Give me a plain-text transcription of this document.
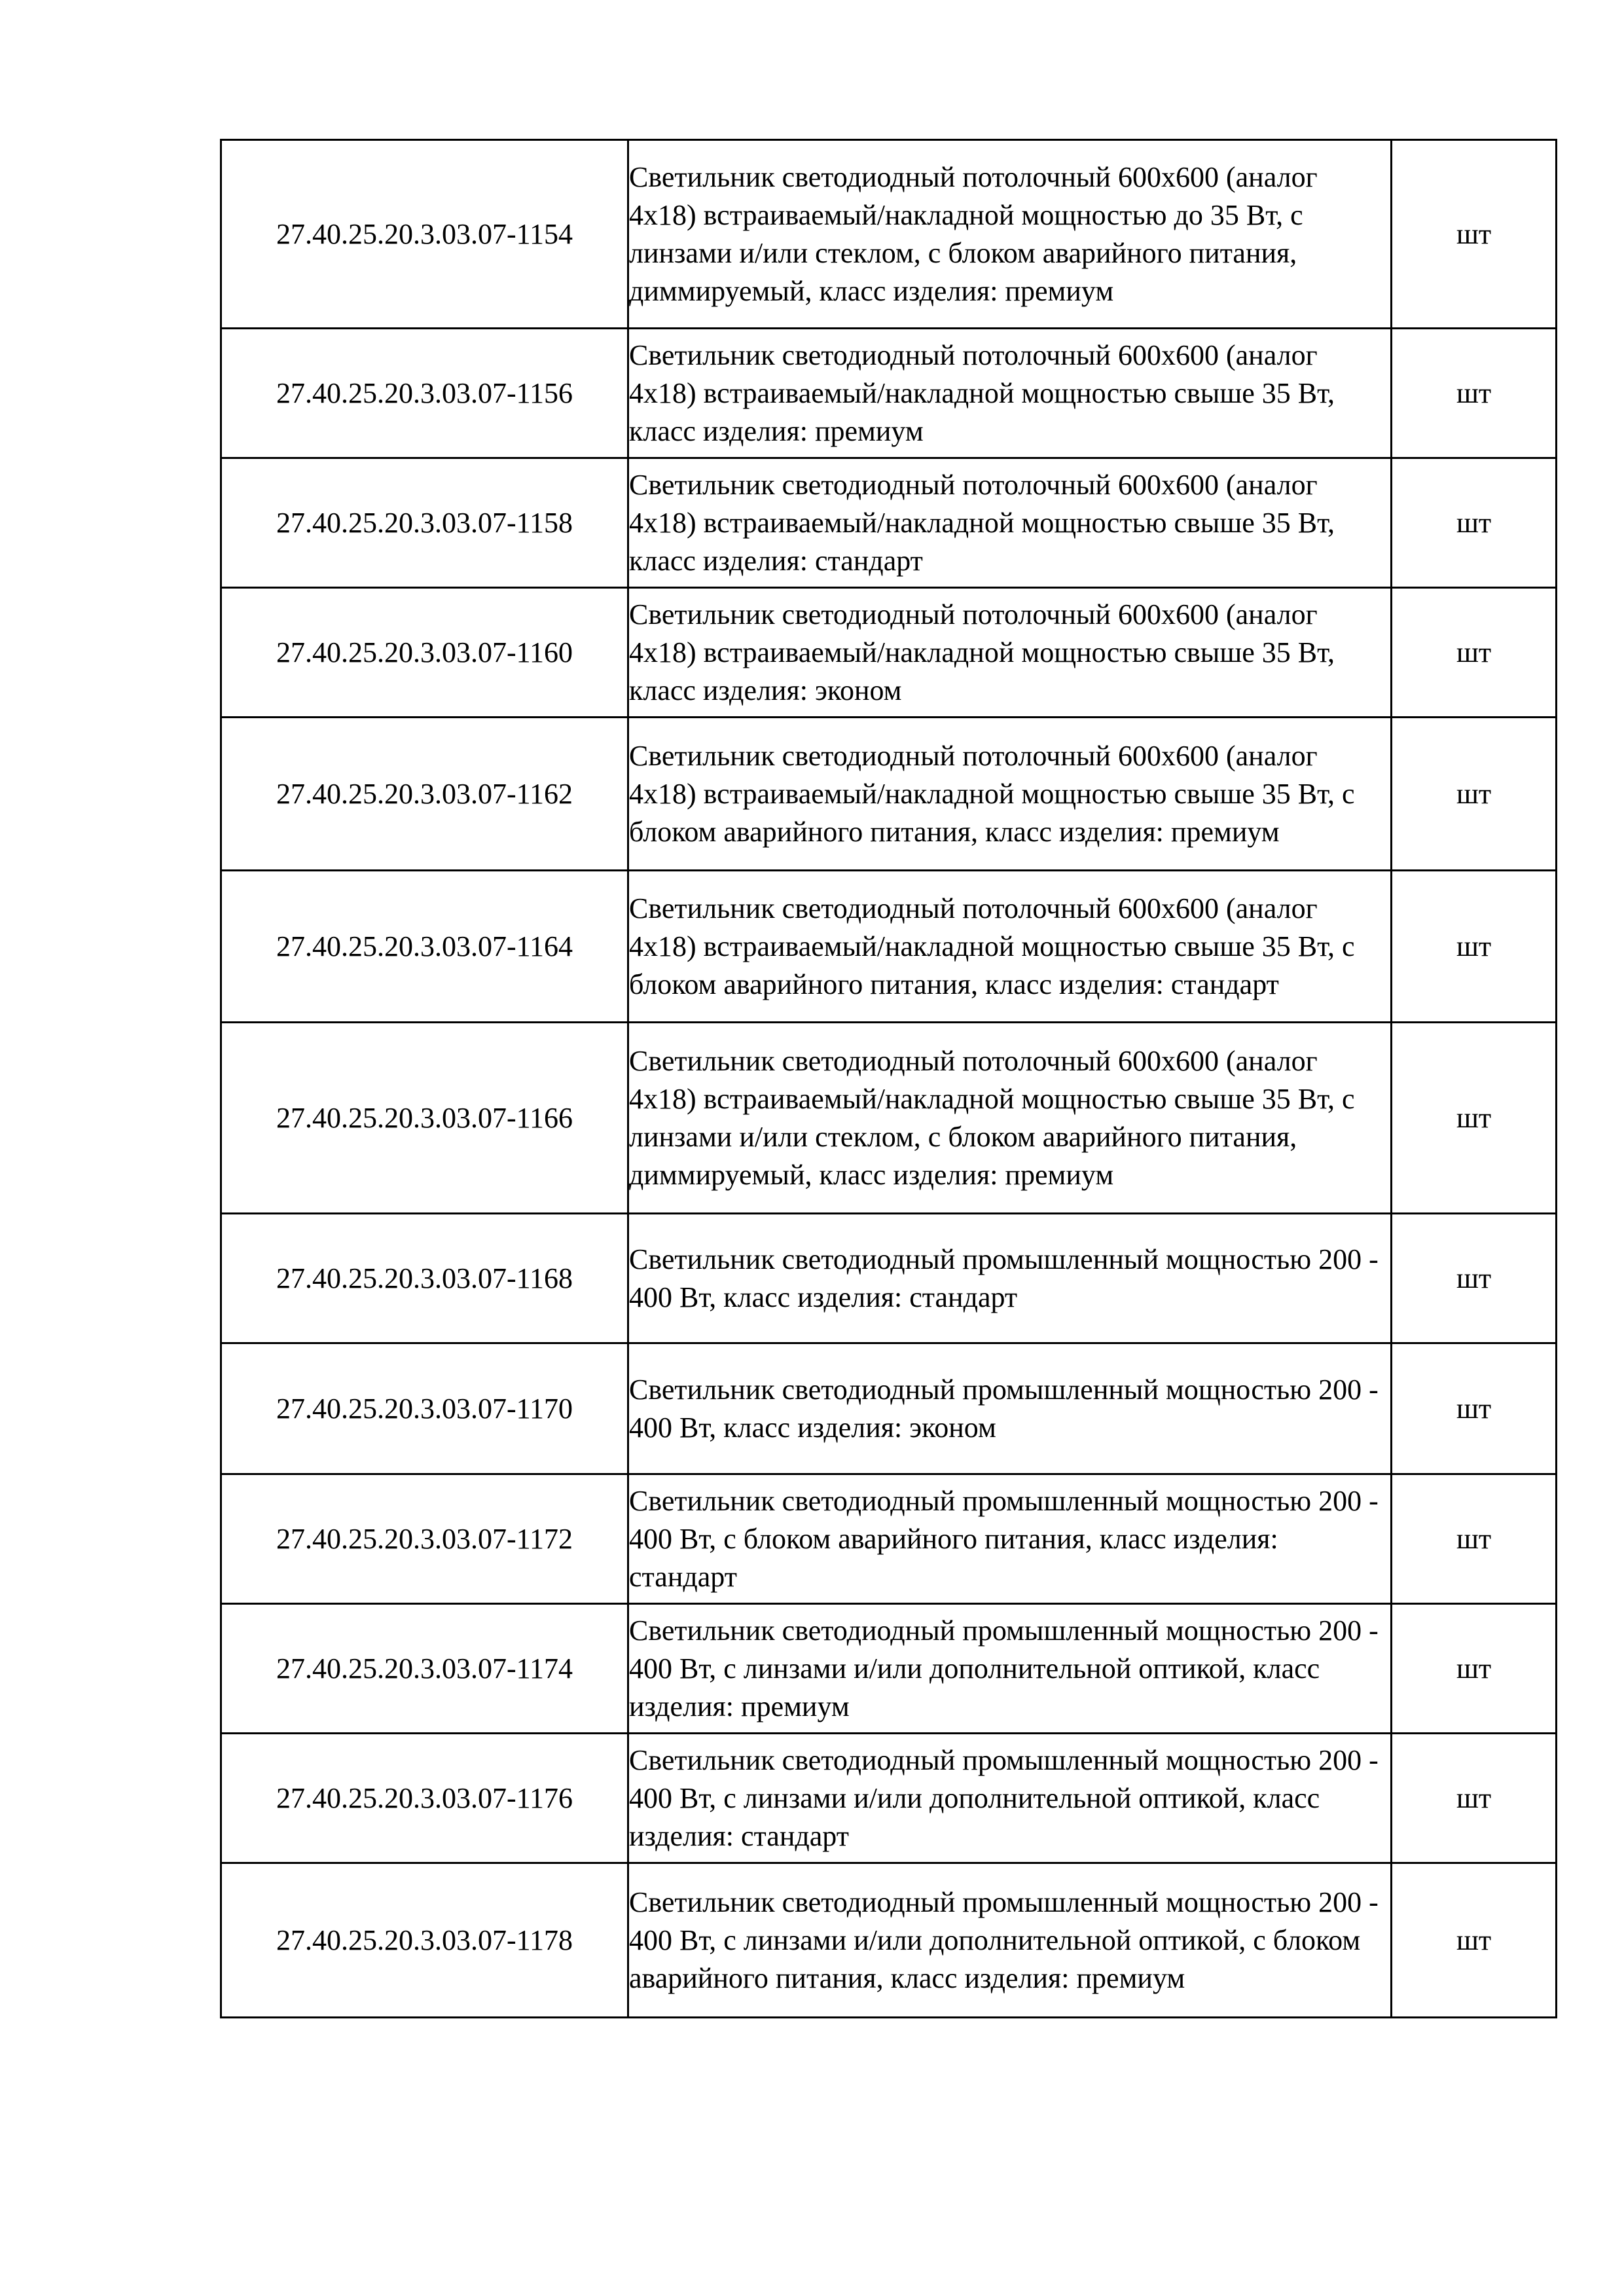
27.40.25.20.3.03.07-1154	Светильник светодиодный потолочный 600x600 (аналог 4x18) встраиваемый/накладной мощностью до 35 Вт, с линзами и/или стеклом, с блоком аварийного питания, диммируемый, класс изделия: премиум	шт
27.40.25.20.3.03.07-1156	Светильник светодиодный потолочный 600x600 (аналог 4x18) встраиваемый/накладной мощностью свыше 35 Вт, класс изделия: премиум	шт
27.40.25.20.3.03.07-1158	Светильник светодиодный потолочный 600x600 (аналог 4x18) встраиваемый/накладной мощностью свыше 35 Вт, класс изделия: стандарт	шт
27.40.25.20.3.03.07-1160	Светильник светодиодный потолочный 600x600 (аналог 4x18) встраиваемый/накладной мощностью свыше 35 Вт, класс изделия: эконом	шт
27.40.25.20.3.03.07-1162	Светильник светодиодный потолочный 600x600 (аналог 4x18) встраиваемый/накладной мощностью свыше 35 Вт, с блоком аварийного питания, класс изделия: премиум	шт
27.40.25.20.3.03.07-1164	Светильник светодиодный потолочный 600x600 (аналог 4x18) встраиваемый/накладной мощностью свыше 35 Вт, с блоком аварийного питания, класс изделия: стандарт	шт
27.40.25.20.3.03.07-1166	Светильник светодиодный потолочный 600x600 (аналог 4x18) встраиваемый/накладной мощностью свыше 35 Вт, с линзами и/или стеклом, с блоком аварийного питания, диммируемый, класс изделия: премиум	шт
27.40.25.20.3.03.07-1168	Светильник светодиодный промышленный мощностью 200 - 400 Вт, класс изделия: стандарт	шт
27.40.25.20.3.03.07-1170	Светильник светодиодный промышленный мощностью 200 - 400 Вт, класс изделия: эконом	шт
27.40.25.20.3.03.07-1172	Светильник светодиодный промышленный мощностью 200 - 400 Вт, с блоком аварийного питания, класс изделия: стандарт	шт
27.40.25.20.3.03.07-1174	Светильник светодиодный промышленный мощностью 200 - 400 Вт, с линзами и/или дополнительной оптикой, класс изделия: премиум	шт
27.40.25.20.3.03.07-1176	Светильник светодиодный промышленный мощностью 200 - 400 Вт, с линзами и/или дополнительной оптикой, класс изделия: стандарт	шт
27.40.25.20.3.03.07-1178	Светильник светодиодный промышленный мощностью 200 - 400 Вт, с линзами и/или дополнительной оптикой, с блоком аварийного питания, класс изделия: премиум	шт
